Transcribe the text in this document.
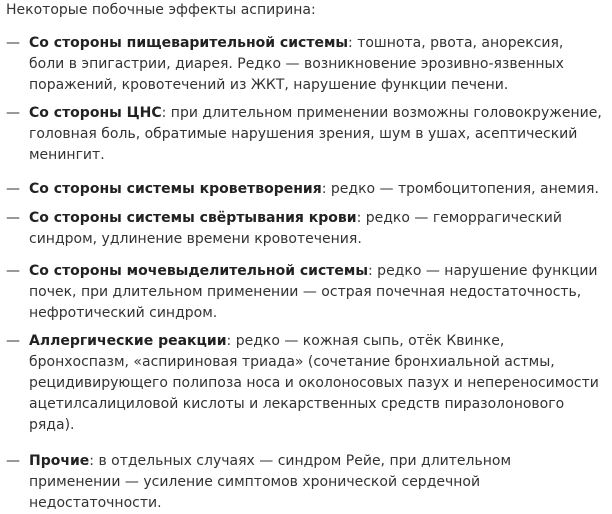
Некоторые побочные эффекты аспирина:
— Со стороны пищеварительной системы: тошнота, рвота, анорексия, боли в эпигастрии, диарея. Редко — возникновение эрозивно-язвенных поражений, кровотечений из ЖКТ, нарушение функции печени.
— Со стороны ЦНС: при длительном применении возможны головокружение, головная боль, обратимые нарушения зрения, шум в ушах, асептический менингит.
— Со стороны системы кроветворения: редко — тромбоцитопения, анемия.
— Со стороны системы свёртывания крови: редко — геморрагический синдром, удлинение времени кровотечения.
— Со стороны мочевыделительной системы: редко — нарушение функции почек, при длительном применении — острая почечная недостаточность, нефротический синдром.
— Аллергические реакции: редко — кожная сыпь, отёк Квинке, бронхоспазм, «аспириновая триада» (сочетание бронхиальной астмы, рецидивирующего полипоза носа и околоносовых пазух и непереносимости ацетилсалициловой кислоты и лекарственных средств пиразолонового ряда).
— Прочие: в отдельных случаях — синдром Рейе, при длительном применении — усиление симптомов хронической сердечной недостаточности.
